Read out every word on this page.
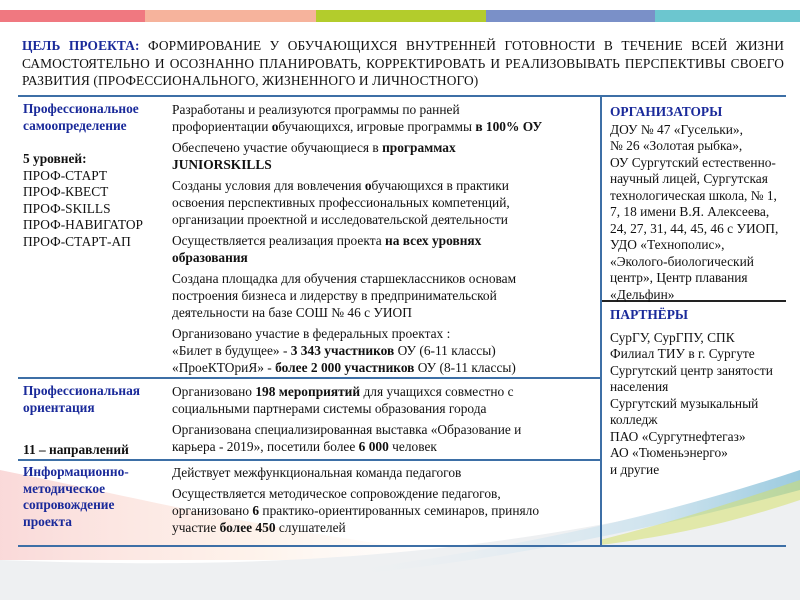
ЦЕЛЬ ПРОЕКТА: ФОРМИРОВАНИЕ У ОБУЧАЮЩИХСЯ ВНУТРЕННЕЙ ГОТОВНОСТИ В ТЕЧЕНИЕ ВСЕЙ ЖИЗНИ САМОСТОЯТЕЛЬНО И ОСОЗНАННО ПЛАНИРОВАТЬ, КОРРЕКТИРОВАТЬ И РЕАЛИЗОВЫВАТЬ ПЕРСПЕКТИВЫ СВОЕГО РАЗВИТИЯ (ПРОФЕССИОНАЛЬНОГО, ЖИЗНЕННОГО И ЛИЧНОСТНОГО)
Профессиональное
самоопределение
5 уровней:
ПРОФ-СТАРТ
ПРОФ-КВЕСТ
ПРОФ-SKILLS
ПРОФ-НАВИГАТОР
ПРОФ-СТАРТ-АП
Разработаны и реализуются программы по ранней
профориентации обучающихся, игровые программы в 100% ОУ
Обеспечено участие обучающиеся в программах
JUNIORSKILLS
Созданы условия для вовлечения обучающихся в практики
освоения перспективных профессиональных компетенций,
организации проектной и исследовательской деятельности
Осуществляется реализация проекта на всех уровнях
образования
Создана площадка для обучения старшеклассников основам
построения бизнеса и лидерству в предпринимательской
деятельности на базе СОШ № 46 с УИОП
Организовано участие в федеральных проектах :
«Билет в будущее» - 3 343 участников ОУ (6-11 классы)
«ПроеКТОриЯ» - более 2 000 участников ОУ (8-11 классы)
Профессиональная
ориентация
11 – направлений
Организовано 198 мероприятий для учащихся совместно с
социальными партнерами системы образования города
Организована специализированная выставка «Образование и
карьера - 2019», посетили более 6 000 человек
Информационно-
методическое
сопровождение
проекта
Действует межфункциональная команда педагогов
Осуществляется методическое сопровождение педагогов,
организовано 6 практико-ориентированных семинаров, приняло
участие более 450 слушателей
ОРГАНИЗАТОРЫ
ДОУ № 47 «Гусельки»,
№ 26 «Золотая рыбка»,
ОУ Сургутский естественно-
научный лицей, Сургутская
технологическая школа, № 1,
7, 18 имени В.Я. Алексеева,
24, 27, 31, 44, 45, 46 с УИОП,
УДО «Технополис»,
«Эколого-биологический
центр», Центр плавания
«Дельфин»
ПАРТНЁРЫ
СурГУ, СурГПУ, СПК
Филиал ТИУ в г. Сургуте
Сургутский центр занятости
населения
Сургутский музыкальный
колледж
ПАО «Сургутнефтегаз»
АО «Тюменьэнерго»
и другие
